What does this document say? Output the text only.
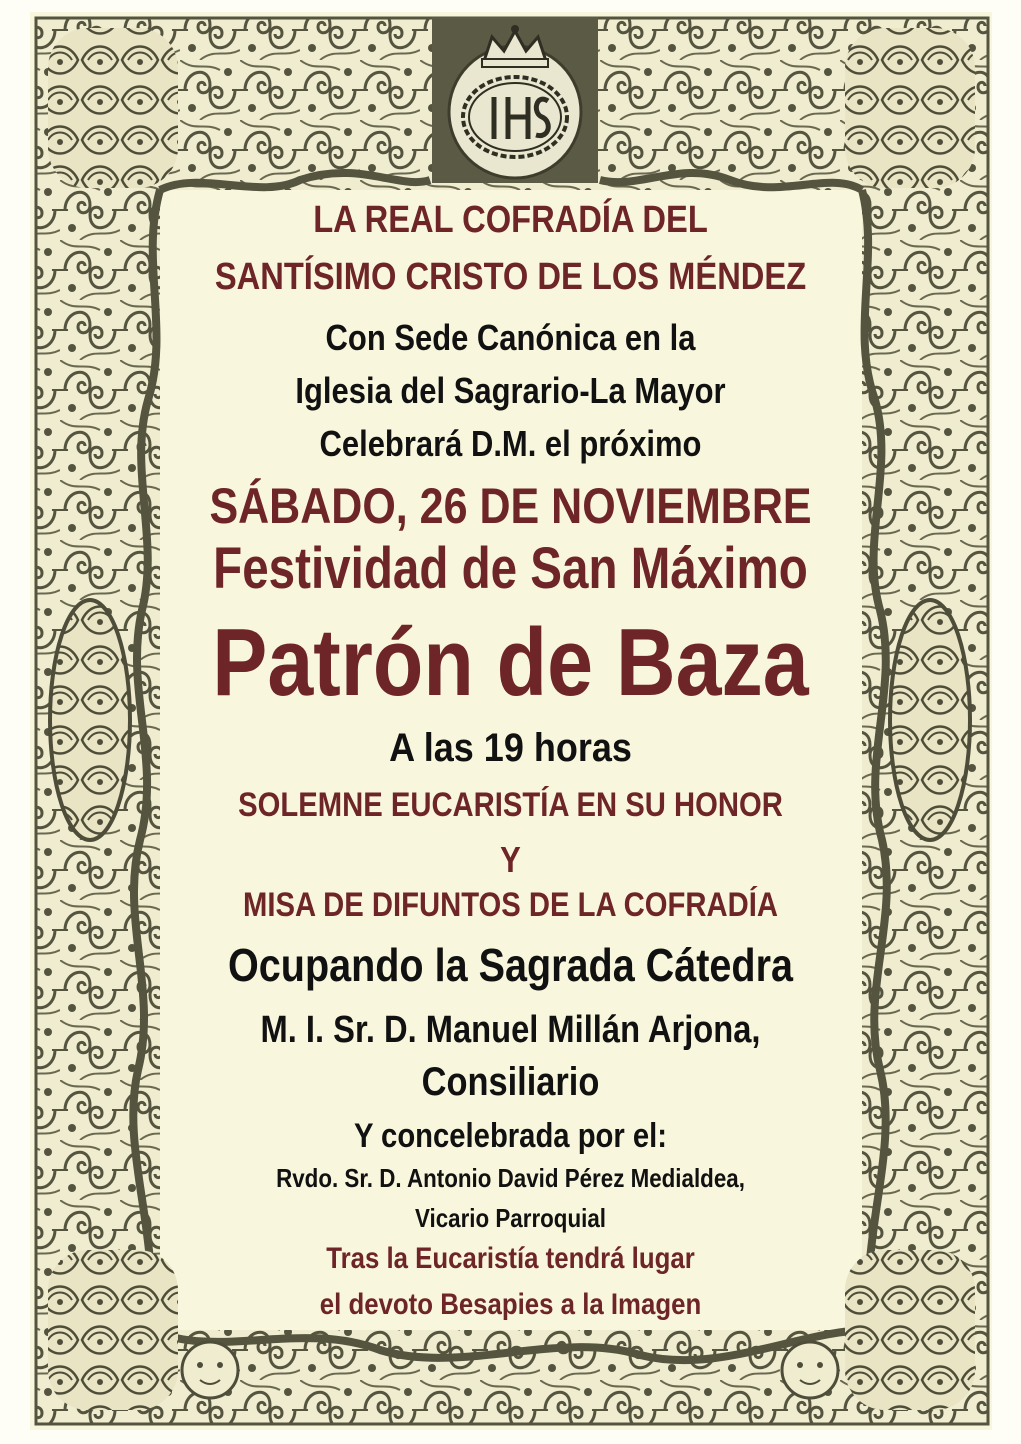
LA REAL COFRADÍA DEL
SANTÍSIMO CRISTO DE LOS MÉNDEZ
Con Sede Canónica en la
Iglesia del Sagrario-La Mayor
Celebrará D.M. el próximo
SÁBADO, 26 DE NOVIEMBRE
Festividad de San Máximo
Patrón de Baza
A las 19 horas
SOLEMNE EUCARISTÍA EN SU HONOR
Y
MISA DE DIFUNTOS DE LA COFRADÍA
Ocupando la Sagrada Cátedra
M. I. Sr. D. Manuel Millán Arjona,
Consiliario
Y concelebrada por el:
Rvdo. Sr. D. Antonio David Pérez Medialdea,
Vicario Parroquial
Tras la Eucaristía tendrá lugar
el devoto Besapies a la Imagen
